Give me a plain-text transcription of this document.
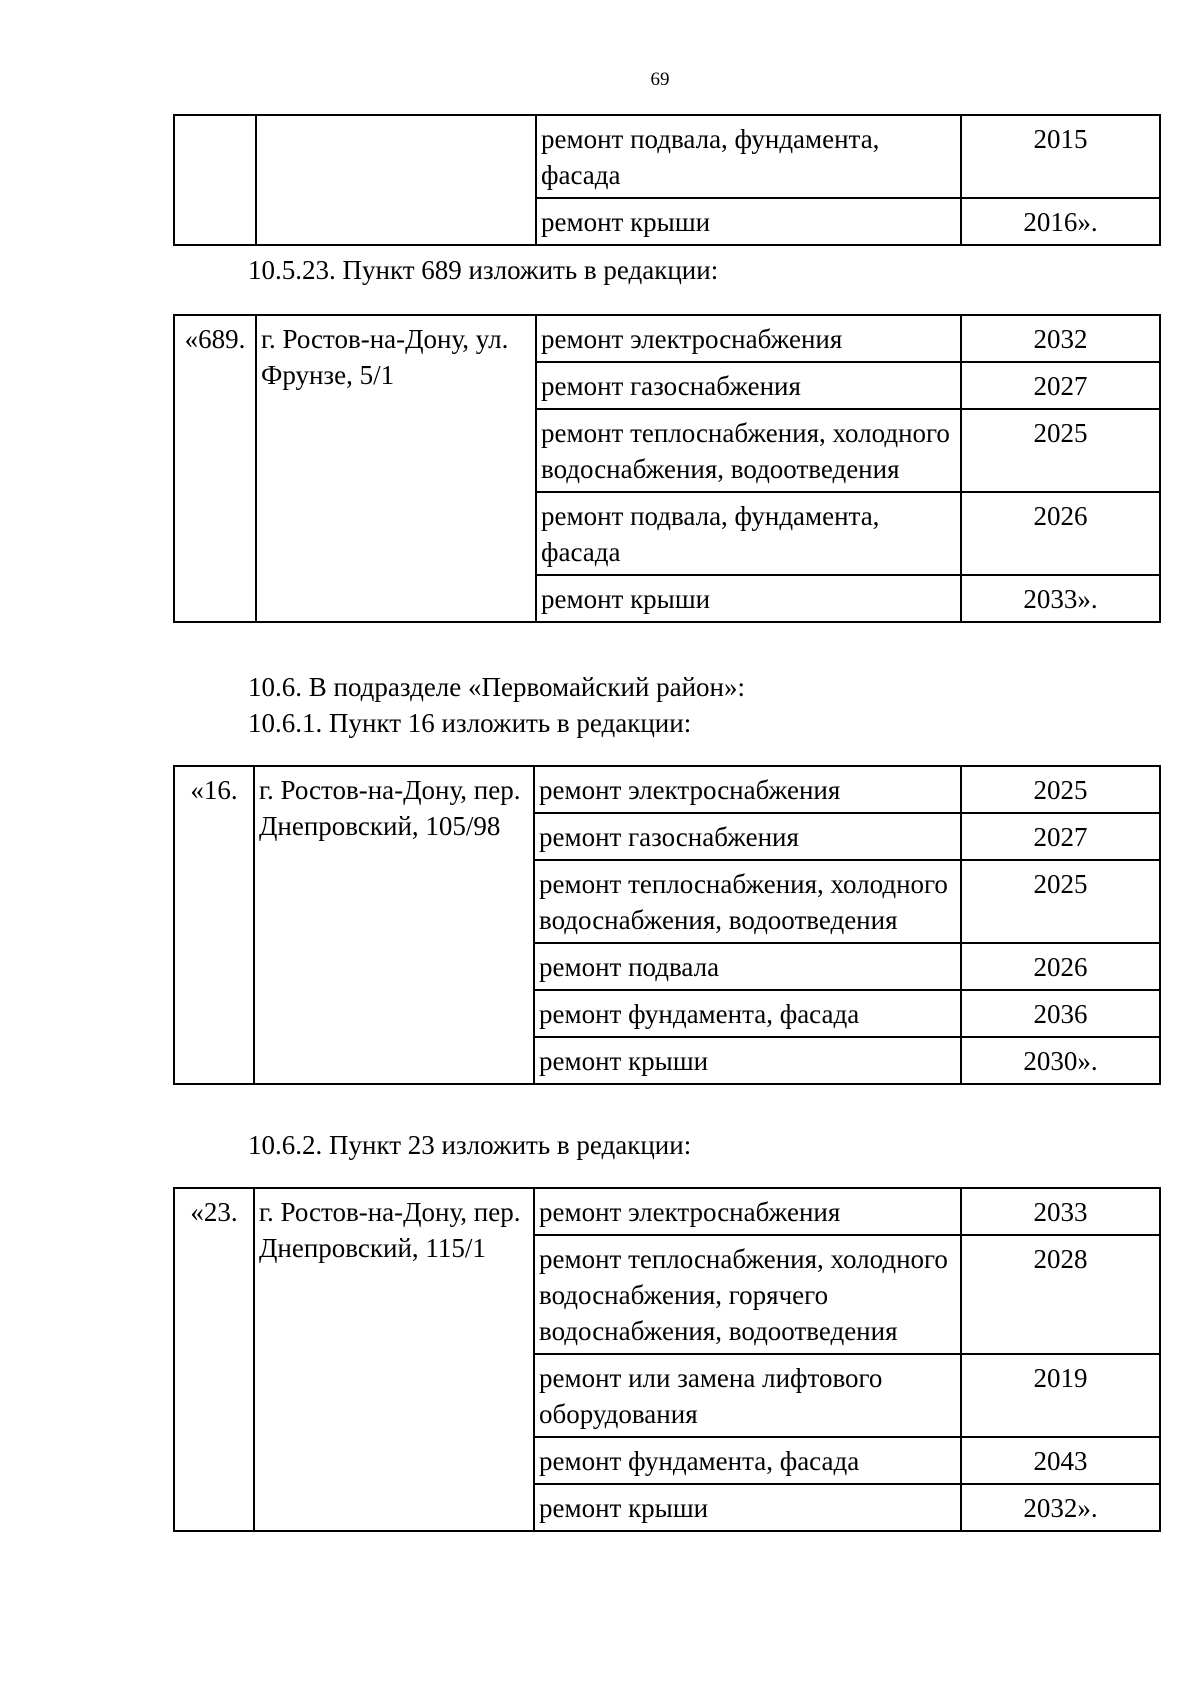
69
		ремонт подвала, фундамента, фасада	2015
		ремонт крыши	2016».
10.5.23. Пункт 689 изложить в редакции:
«689.	г. Ростов-на-Дону, ул. Фрунзе, 5/1	ремонт электроснабжения	2032
		ремонт газоснабжения	2027
		ремонт теплоснабжения, холодного водоснабжения, водоотведения	2025
		ремонт подвала, фундамента, фасада	2026
		ремонт крыши	2033».
10.6. В подразделе «Первомайский район»:
10.6.1. Пункт 16 изложить в редакции:
«16.	г. Ростов-на-Дону, пер. Днепровский, 105/98	ремонт электроснабжения	2025
		ремонт газоснабжения	2027
		ремонт теплоснабжения, холодного водоснабжения, водоотведения	2025
		ремонт подвала	2026
		ремонт фундамента, фасада	2036
		ремонт крыши	2030».
10.6.2. Пункт 23 изложить в редакции:
«23.	г. Ростов-на-Дону, пер. Днепровский, 115/1	ремонт электроснабжения	2033
		ремонт теплоснабжения, холодного водоснабжения, горячего водоснабжения, водоотведения	2028
		ремонт или замена лифтового оборудования	2019
		ремонт фундамента, фасада	2043
		ремонт крыши	2032».
